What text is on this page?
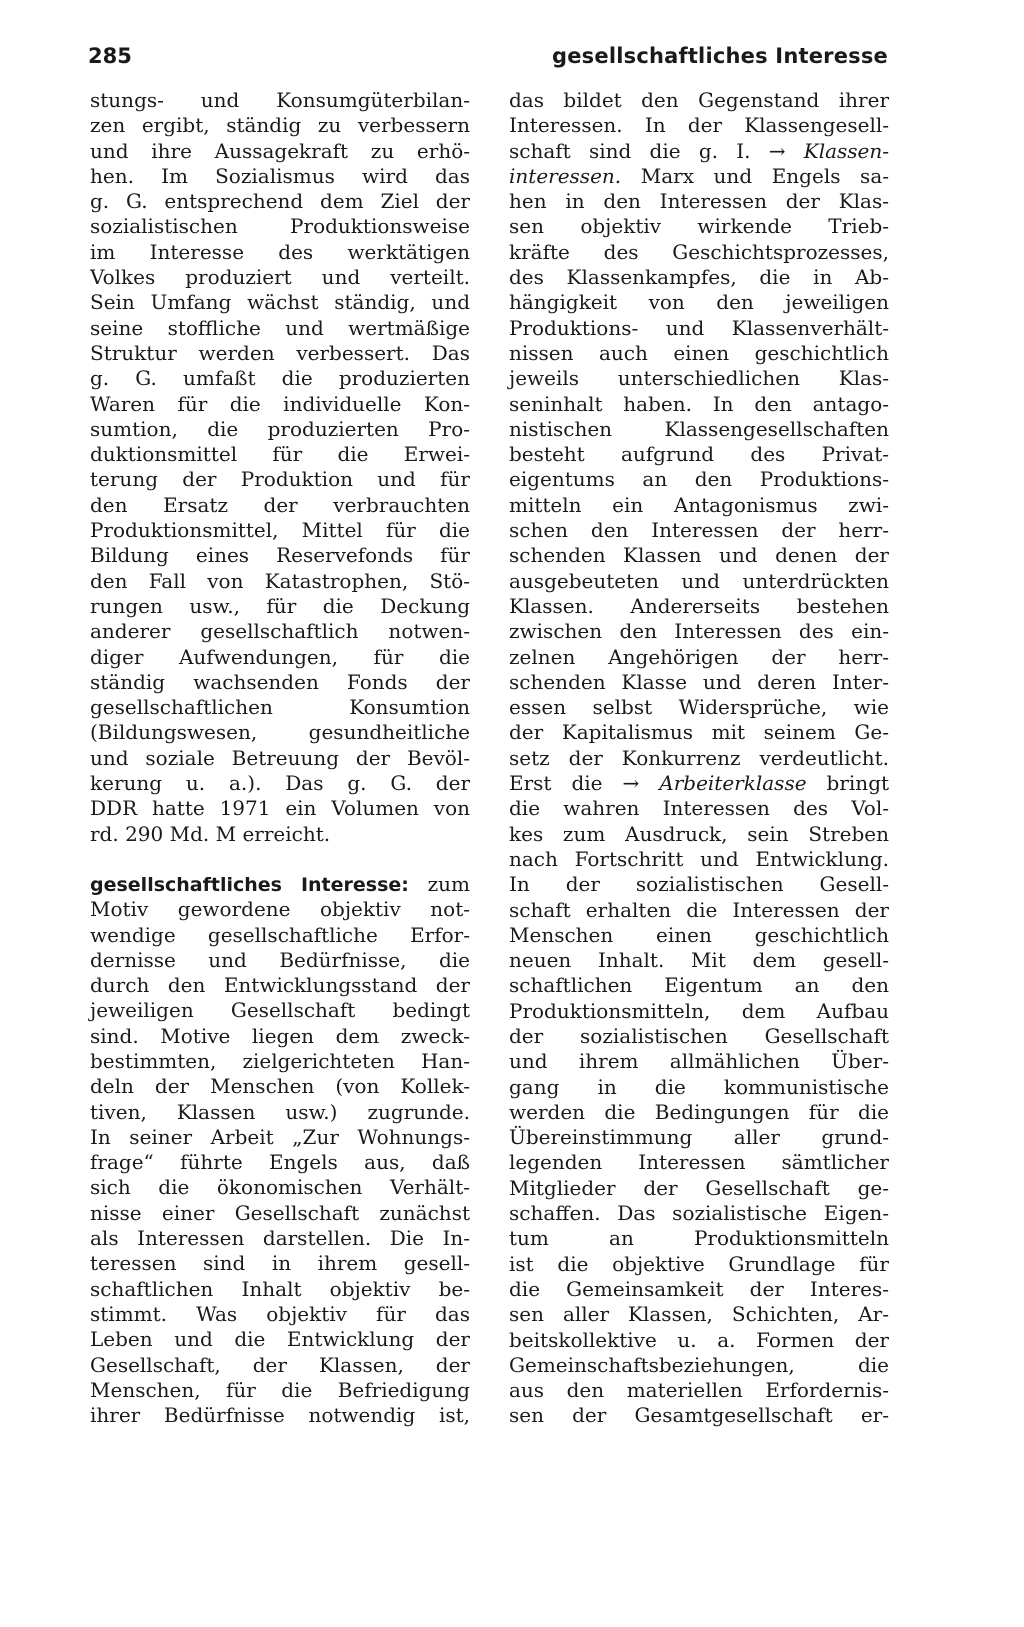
285	gesellschaftliches Interesse
stungs- und Konsumgüterbilan-
zen ergibt, ständig zu verbessern
und ihre Aussagekraft zu erhö-
hen. Im Sozialismus wird das
g. G. entsprechend dem Ziel der
sozialistischen Produktionsweise
im Interesse des werktätigen
Volkes produziert und verteilt.
Sein Umfang wächst ständig, und
seine stoffliche und wertmäßige
Struktur werden verbessert. Das
g. G. umfaßt die produzierten
Waren für die individuelle Kon-
sumtion, die produzierten Pro-
duktionsmittel für die Erwei-
terung der Produktion und für
den Ersatz der verbrauchten
Produktionsmittel, Mittel für die
Bildung eines Reservefonds für
den Fall von Katastrophen, Stö-
rungen usw., für die Deckung
anderer gesellschaftlich notwen-
diger Aufwendungen, für die
ständig wachsenden Fonds der
gesellschaftlichen Konsumtion
(Bildungswesen, gesundheitliche
und soziale Betreuung der Bevöl-
kerung u. a.). Das g. G. der
DDR hatte 1971 ein Volumen von
rd. 290 Md. M erreicht.
gesellschaftliches Interesse: zum
Motiv gewordene objektiv not-
wendige gesellschaftliche Erfor-
dernisse und Bedürfnisse, die
durch den Entwicklungsstand der
jeweiligen Gesellschaft bedingt
sind. Motive liegen dem zweck-
bestimmten, zielgerichteten Han-
deln der Menschen (von Kollek-
tiven, Klassen usw.) zugrunde.
In seiner Arbeit „Zur Wohnungs-
frage“ führte Engels aus, daß
sich die ökonomischen Verhält-
nisse einer Gesellschaft zunächst
als Interessen darstellen. Die In-
teressen sind in ihrem gesell-
schaftlichen Inhalt objektiv be-
stimmt. Was objektiv für das
Leben und die Entwicklung der
Gesellschaft, der Klassen, der
Menschen, für die Befriedigung
ihrer Bedürfnisse notwendig ist,
das bildet den Gegenstand ihrer
Interessen. In der Klassengesell-
schaft sind die g. I. → Klassen-
interessen. Marx und Engels sa-
hen in den Interessen der Klas-
sen objektiv wirkende Trieb-
kräfte des Geschichtsprozesses,
des Klassenkampfes, die in Ab-
hängigkeit von den jeweiligen
Produktions- und Klassenverhält-
nissen auch einen geschichtlich
jeweils unterschiedlichen Klas-
seninhalt haben. In den antago-
nistischen Klassengesellschaften
besteht aufgrund des Privat-
eigentums an den Produktions-
mitteln ein Antagonismus zwi-
schen den Interessen der herr-
schenden Klassen und denen der
ausgebeuteten und unterdrückten
Klassen. Andererseits bestehen
zwischen den Interessen des ein-
zelnen Angehörigen der herr-
schenden Klasse und deren Inter-
essen selbst Widersprüche, wie
der Kapitalismus mit seinem Ge-
setz der Konkurrenz verdeutlicht.
Erst die → Arbeiterklasse bringt
die wahren Interessen des Vol-
kes zum Ausdruck, sein Streben
nach Fortschritt und Entwicklung.
In der sozialistischen Gesell-
schaft erhalten die Interessen der
Menschen einen geschichtlich
neuen Inhalt. Mit dem gesell-
schaftlichen Eigentum an den
Produktionsmitteln, dem Aufbau
der sozialistischen Gesellschaft
und ihrem allmählichen Über-
gang in die kommunistische
werden die Bedingungen für die
Übereinstimmung aller grund-
legenden Interessen sämtlicher
Mitglieder der Gesellschaft ge-
schaffen. Das sozialistische Eigen-
tum an Produktionsmitteln
ist die objektive Grundlage für
die Gemeinsamkeit der Interes-
sen aller Klassen, Schichten, Ar-
beitskollektive u. a. Formen der
Gemeinschaftsbeziehungen, die
aus den materiellen Erfordernis-
sen der Gesamtgesellschaft er-
